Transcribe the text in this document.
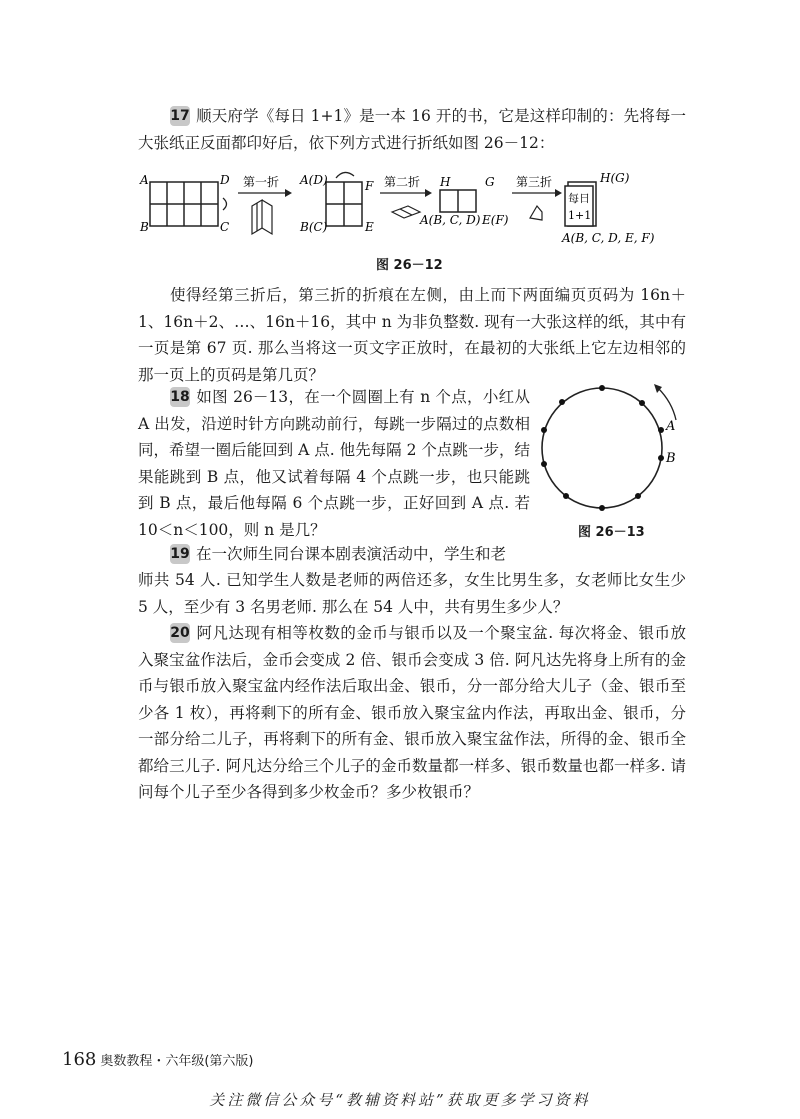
17 顺天府学《每日 1+1》是一本 16 开的书，它是这样印制的：先将每一大张纸正反面都印好后，依下列方式进行折纸如图 26－12：

A
B
D
C
第一折 A(D)
B(C)
F
E
第二折 H	G
A(B, C, D) E(F)
第三折
每日
1+1
H(G)
A(B, C, D, E, F)
图 26－12

使得经第三折后，第三折的折痕在左侧，由上而下两面编页页码为 16n＋1、16n＋2、…、16n＋16，其中 n 为非负整数. 现有一大张这样的纸，其中有一页是第 67 页. 那么当将这一页文字正放时，在最初的大张纸上它左边相邻的那一页上的页码是第几页？

18 如图 26－13，在一个圆圈上有 n 个点，小红从 A 出发，沿逆时针方向跳动前行，每跳一步隔过的点数相同，希望一圈后能回到 A 点. 他先每隔 2 个点跳一步，结果能跳到 B 点，他又试着每隔 4 个点跳一步，也只能跳到 B 点，最后他每隔 6 个点跳一步，正好回到 A 点. 若 10＜n＜100，则 n 是几？

A
B
图 26－13

19 在一次师生同台课本剧表演活动中，学生和老

师共 54 人. 已知学生人数是老师的两倍还多，女生比男生多，女老师比女生少 5 人，至少有 3 名男老师. 那么在 54 人中，共有男生多少人？

20 阿凡达现有相等枚数的金币与银币以及一个聚宝盆. 每次将金、银币放入聚宝盆作法后，金币会变成 2 倍、银币会变成 3 倍. 阿凡达先将身上所有的金币与银币放入聚宝盆内经作法后取出金、银币，分一部分给大儿子（金、银币至少各 1 枚），再将剩下的所有金、银币放入聚宝盆内作法，再取出金、银币，分一部分给二儿子，再将剩下的所有金、银币放入聚宝盆作法，所得的金、银币全都给三儿子. 阿凡达分给三个儿子的金币数量都一样多、银币数量也都一样多. 请问每个儿子至少各得到多少枚金币？多少枚银币？

168 奥数教程・六年级(第六版)
关注微信公众号“教辅资料站”获取更多学习资料
